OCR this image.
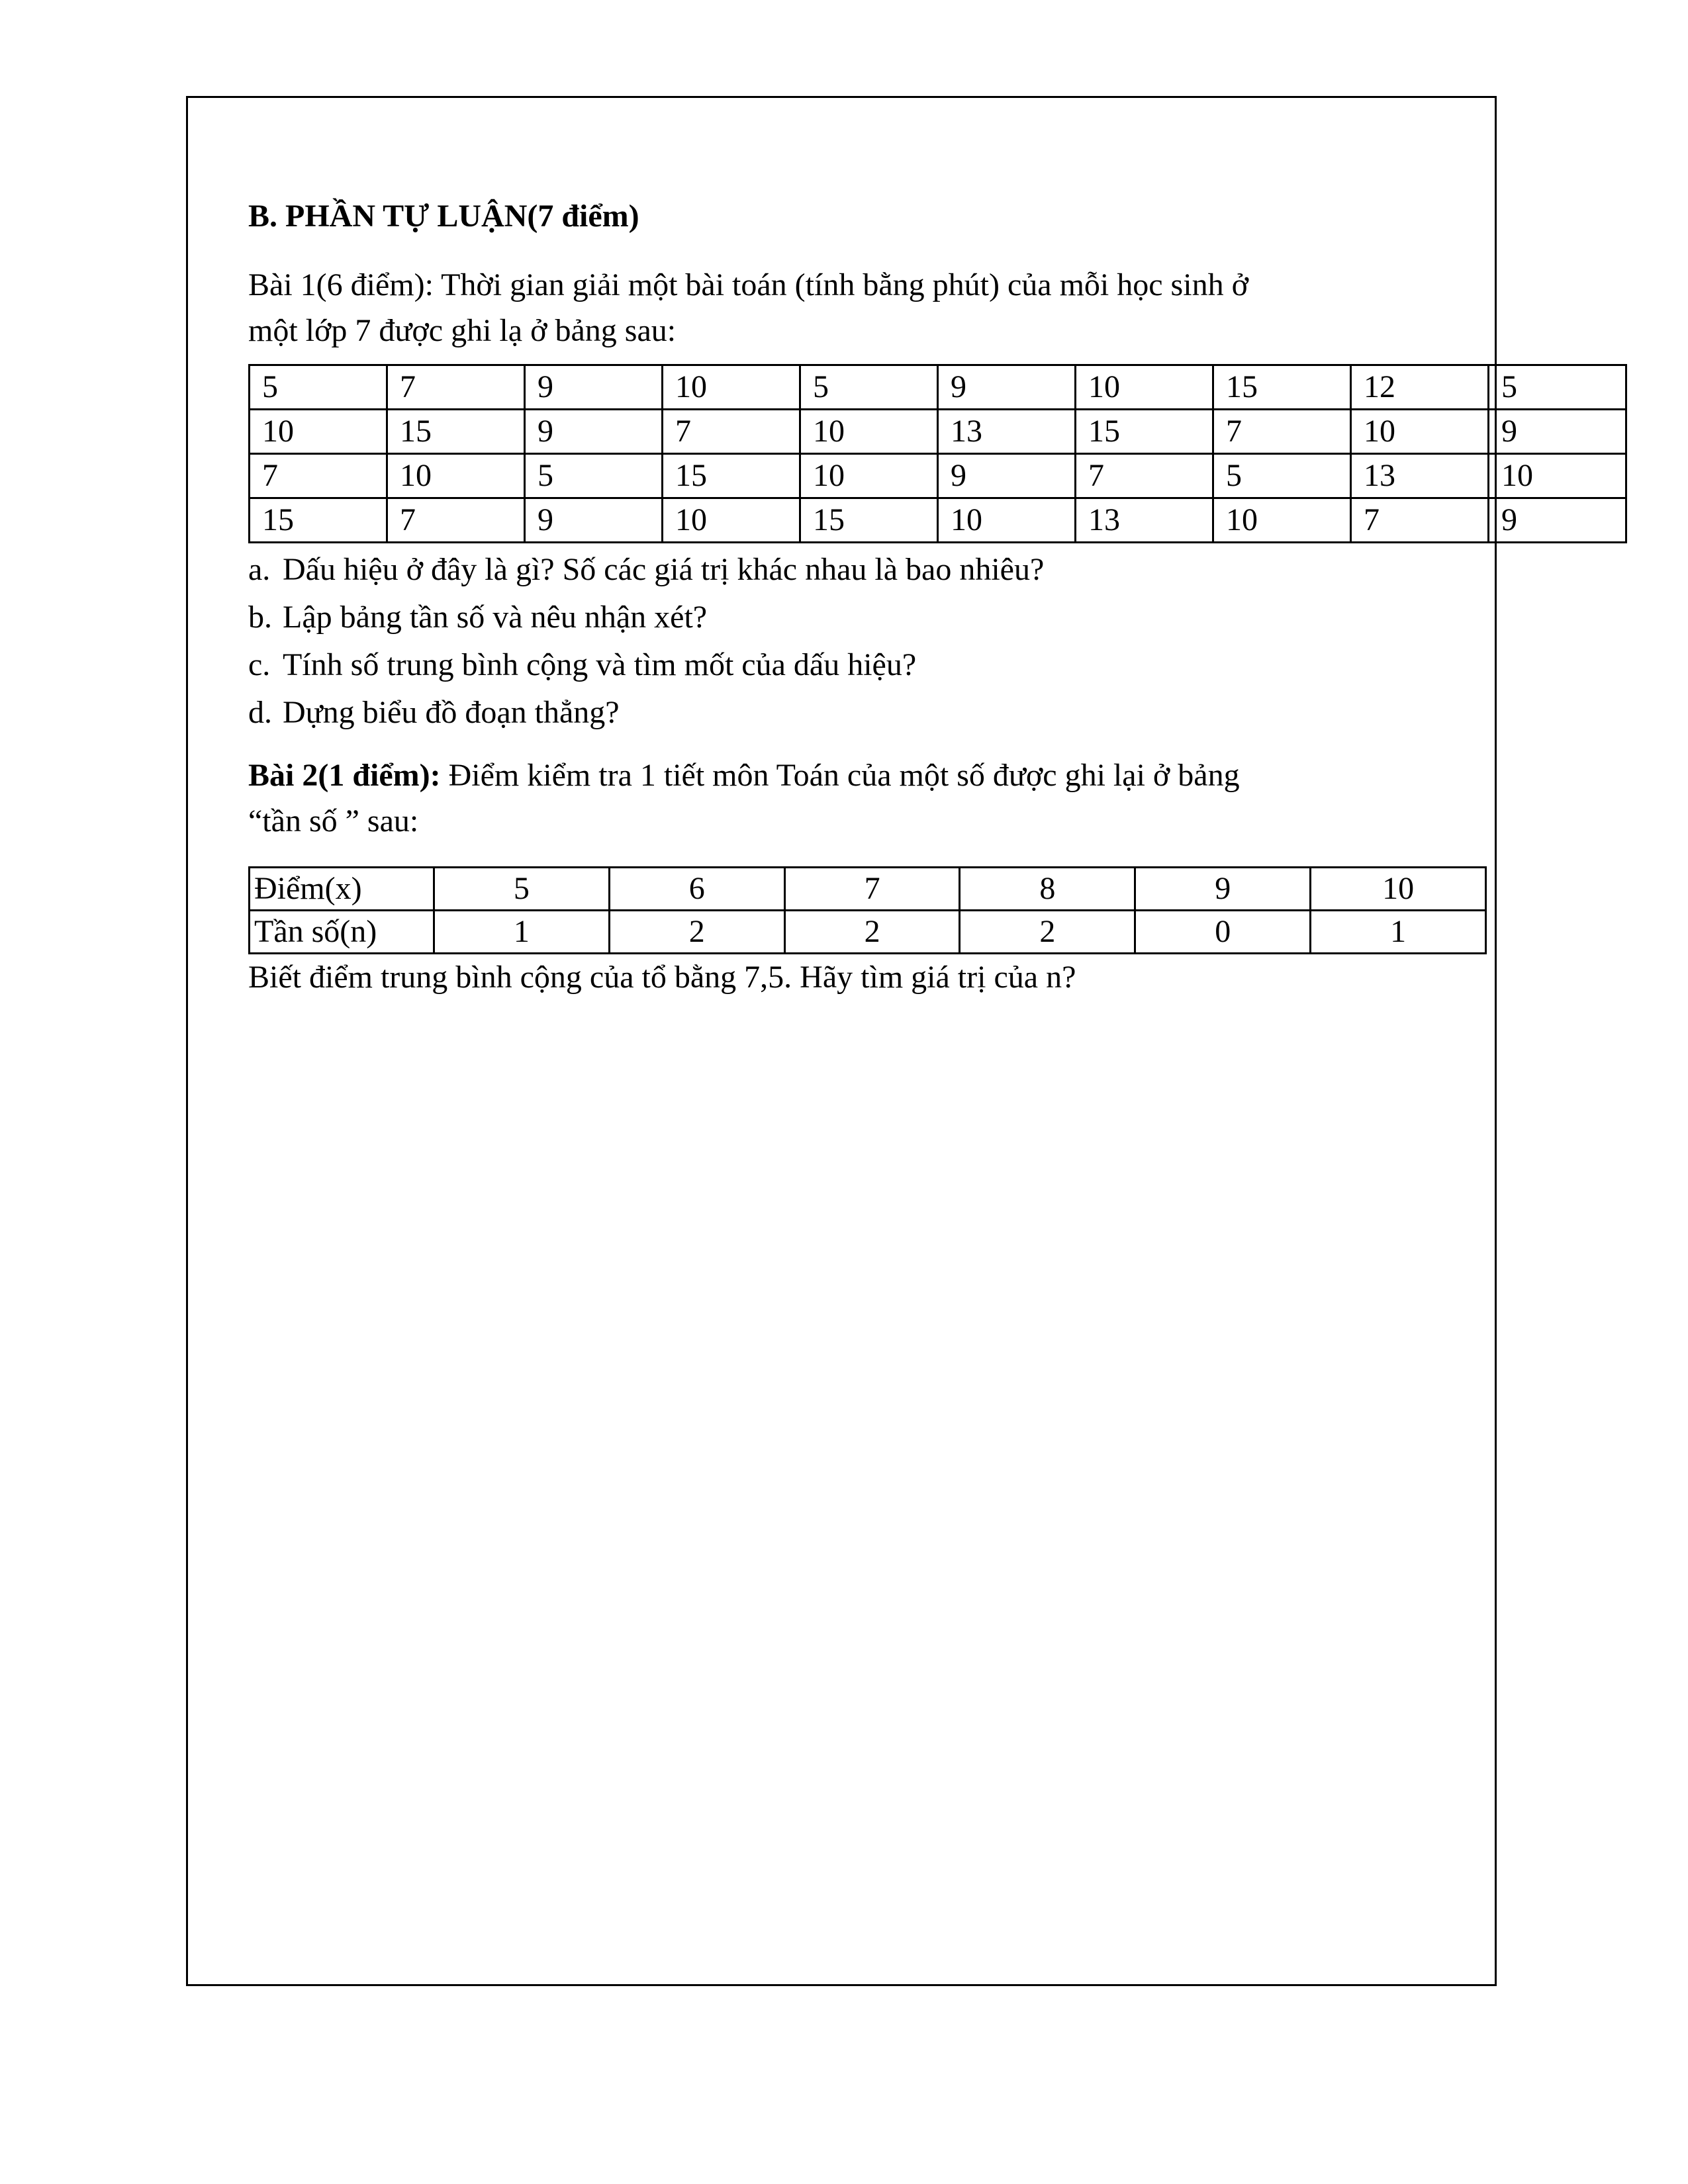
B. PHẦN TỰ LUẬN(7 điểm)

Bài 1(6 điểm): Thời gian giải một bài toán (tính bằng phút) của mỗi học sinh ở

một lớp 7 được ghi lạ ở bảng sau:

5	7	9	10	5	9	10	15	12	5
10	15	9	7	10	13	15	7	10	9
7	10	5	15	10	9	7	5	13	10
15	7	9	10	15	10	13	10	7	9
a. Dấu hiệu ở đây là gì? Số các giá trị khác nhau là bao nhiêu?
b. Lập bảng tần số và nêu nhận xét?
c. Tính số trung bình cộng và tìm mốt của dấu hiệu?
d. Dựng biểu đồ đoạn thẳng?

Bài 2(1 điểm): Điểm kiểm tra 1 tiết môn Toán của một số được ghi lại ở bảng

“tần số ” sau:

Điểm(x)	5	6	7	8	9	10
Tần số(n)	1	2	2	2	0	1

Biết điểm trung bình cộng của tổ bằng 7,5. Hãy tìm giá trị của n?
